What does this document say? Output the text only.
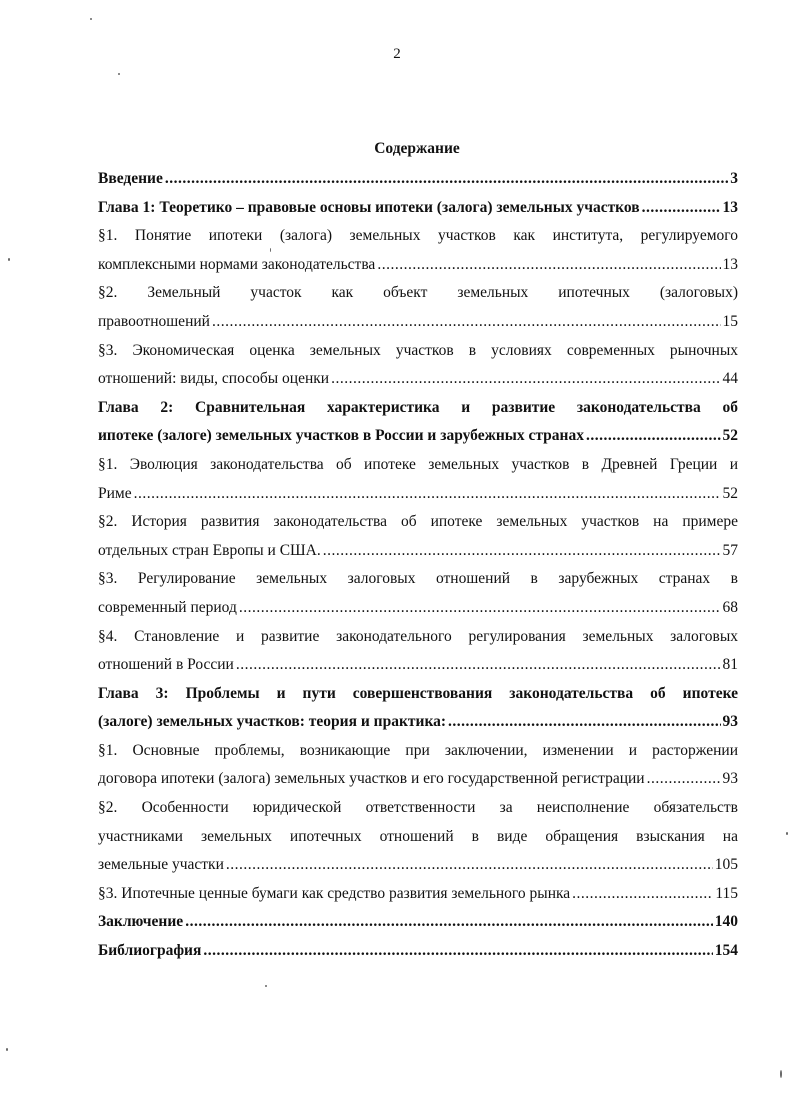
2
Содержание
Введение .....	3
Глава 1: Теоретико – правовые основы ипотеки (залога) земельных участков .....	13
§1. Понятие ипотеки (залога) земельных участков как института, регулируемого
комплексными нормами законодательства .....	13
§2. Земельный участок как объект земельных ипотечных (залоговых)
правоотношений .....	15
§3. Экономическая оценка земельных участков в условиях современных рыночных
отношений: виды, способы оценки .....	44
Глава 2: Сравнительная характеристика и развитие законодательства об
ипотеке (залоге) земельных участков в России и зарубежных странах .....	52
§1. Эволюция законодательства об ипотеке земельных участков в Древней Греции и
Риме .....	52
§2. История развития законодательства об ипотеке земельных участков на примере
отдельных стран Европы и США. .....	57
§3. Регулирование земельных залоговых отношений в зарубежных странах в
современный период .....	68
§4. Становление и развитие законодательного регулирования земельных залоговых
отношений в России .....	81
Глава 3: Проблемы и пути совершенствования законодательства об ипотеке
(залоге) земельных участков: теория и практика: .....	93
§1. Основные проблемы, возникающие при заключении, изменении и расторжении
договора ипотеки (залога) земельных участков и его государственной регистрации .....	93
§2. Особенности юридической ответственности за неисполнение обязательств
участниками земельных ипотечных отношений в виде обращения взыскания на
земельные участки .....	105
§3. Ипотечные ценные бумаги как средство развития земельного рынка .....	115
Заключение .....	140
Библиография .....	154
